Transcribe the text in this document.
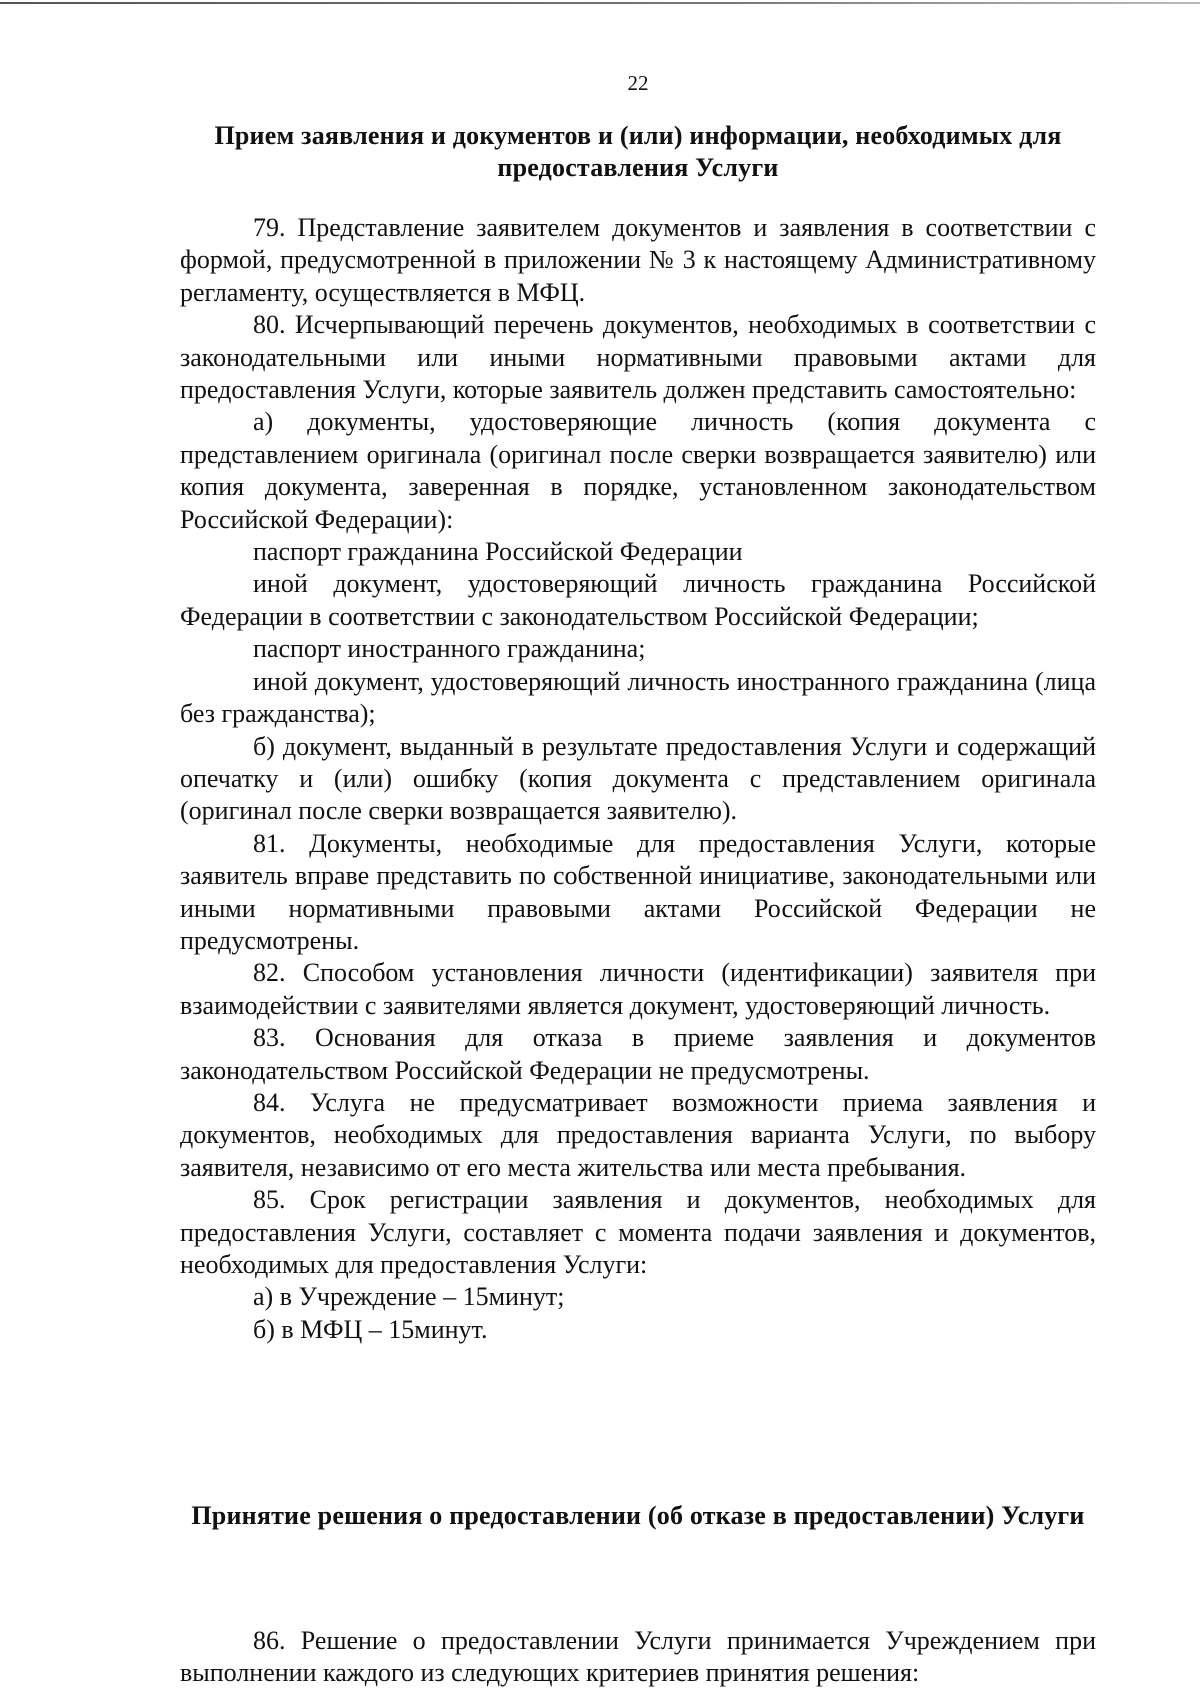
22
Прием заявления и документов и (или) информации, необходимых для предоставления Услуги

79. Представление заявителем документов и заявления в соответствии с формой, предусмотренной в приложении № 3 к настоящему Административному регламенту, осуществляется в МФЦ.

80. Исчерпывающий перечень документов, необходимых в соответствии с законодательными или иными нормативными правовыми актами для предоставления Услуги, которые заявитель должен представить самостоятельно:

а) документы, удостоверяющие личность (копия документа с представлением оригинала (оригинал после сверки возвращается заявителю) или копия документа, заверенная в порядке, установленном законодательством Российской Федерации):

паспорт гражданина Российской Федерации

иной документ, удостоверяющий личность гражданина Российской Федерации в соответствии с законодательством Российской Федерации;

паспорт иностранного гражданина;

иной документ, удостоверяющий личность иностранного гражданина (лица без гражданства);

б) документ, выданный в результате предоставления Услуги и содержащий опечатку и (или) ошибку (копия документа с представлением оригинала (оригинал после сверки возвращается заявителю).

81. Документы, необходимые для предоставления Услуги, которые заявитель вправе представить по собственной инициативе, законодательными или иными нормативными правовыми актами Российской Федерации не предусмотрены.

82. Способом установления личности (идентификации) заявителя при взаимодействии с заявителями является документ, удостоверяющий личность.

83. Основания для отказа в приеме заявления и документов законодательством Российской Федерации не предусмотрены.

84. Услуга не предусматривает возможности приема заявления и документов, необходимых для предоставления варианта Услуги, по выбору заявителя, независимо от его места жительства или места пребывания.

85. Срок регистрации заявления и документов, необходимых для предоставления Услуги, составляет с момента подачи заявления и документов, необходимых для предоставления Услуги:

а) в Учреждение – 15минут;

б) в МФЦ – 15минут.

Принятие решения о предоставлении (об отказе в предоставлении) Услуги

86. Решение о предоставлении Услуги принимается Учреждением при выполнении каждого из следующих критериев принятия решения:
